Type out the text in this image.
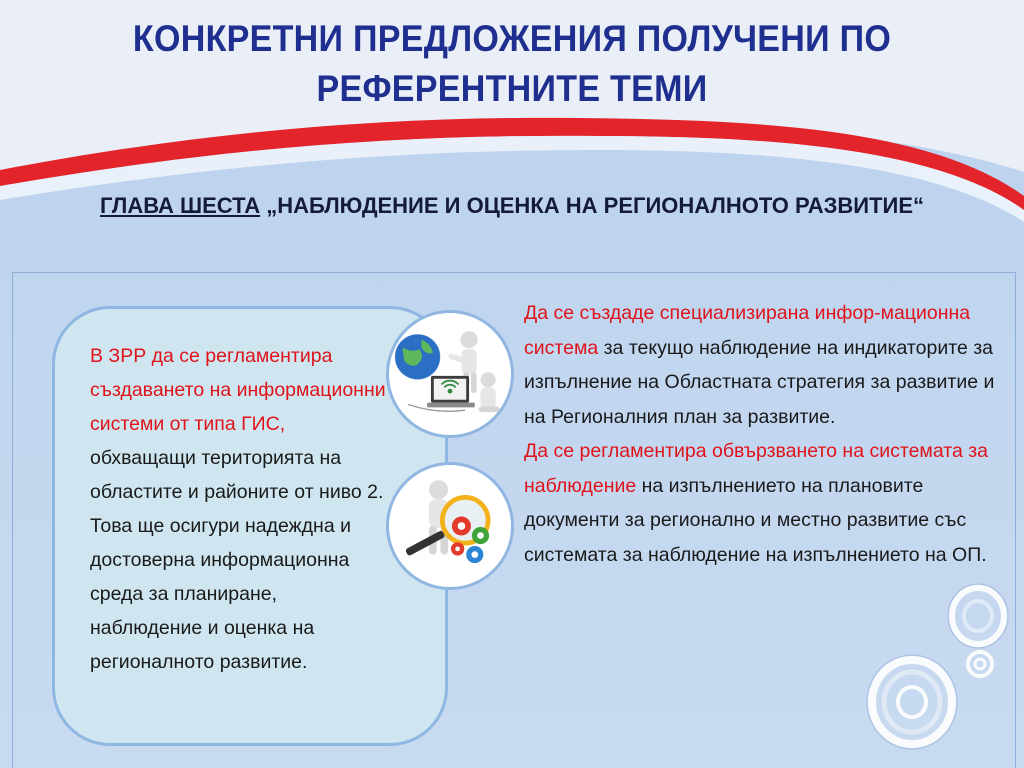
КОНКРЕТНИ ПРЕДЛОЖЕНИЯ ПОЛУЧЕНИ ПО
РЕФЕРЕНТНИТЕ ТЕМИ
ГЛАВА ШЕСТА „НАБЛЮДЕНИЕ И ОЦЕНКА НА РЕГИОНАЛНОТО РАЗВИТИЕ“
В ЗРР да се регламентира създаването на информационни системи от типа ГИС, обхващащи територията на областите и районите от ниво 2.
Това ще осигури надеждна и достоверна информационна среда за планиране, наблюдение и оценка на регионалното развитие.
Да се създаде специализирана инфор-мационна система за текущо наблюдение на индикаторите за изпълнение на Областната стратегия за развитие и на Регионалния план за развитие.
Да се регламентира обвързването на системата за наблюдение на изпълнението на плановите документи за регионално и местно развитие със системата за наблюдение на изпълнението на ОП.
